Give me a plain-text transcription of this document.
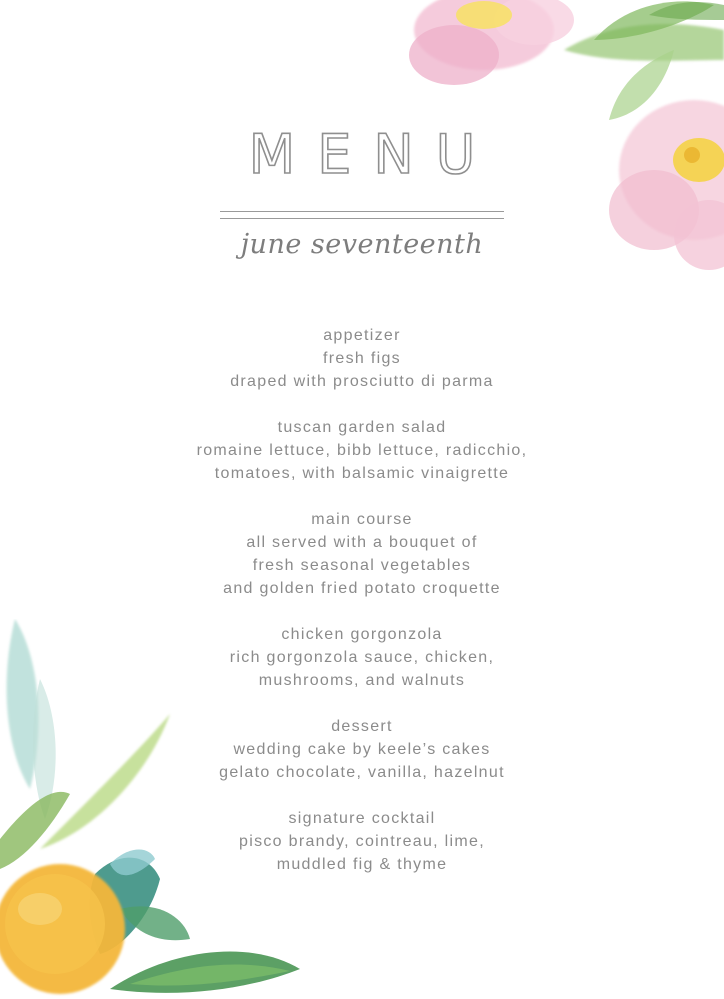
MENU
june seventeenth
appetizer
fresh figs
draped with prosciutto di parma
tuscan garden salad
romaine lettuce, bibb lettuce, radicchio,
tomatoes, with balsamic vinaigrette
main course
all served with a bouquet of
fresh seasonal vegetables
and golden fried potato croquette
chicken gorgonzola
rich gorgonzola sauce, chicken,
mushrooms, and walnuts
dessert
wedding cake by keele’s cakes
gelato chocolate, vanilla, hazelnut
signature cocktail
pisco brandy, cointreau, lime,
muddled fig & thyme
